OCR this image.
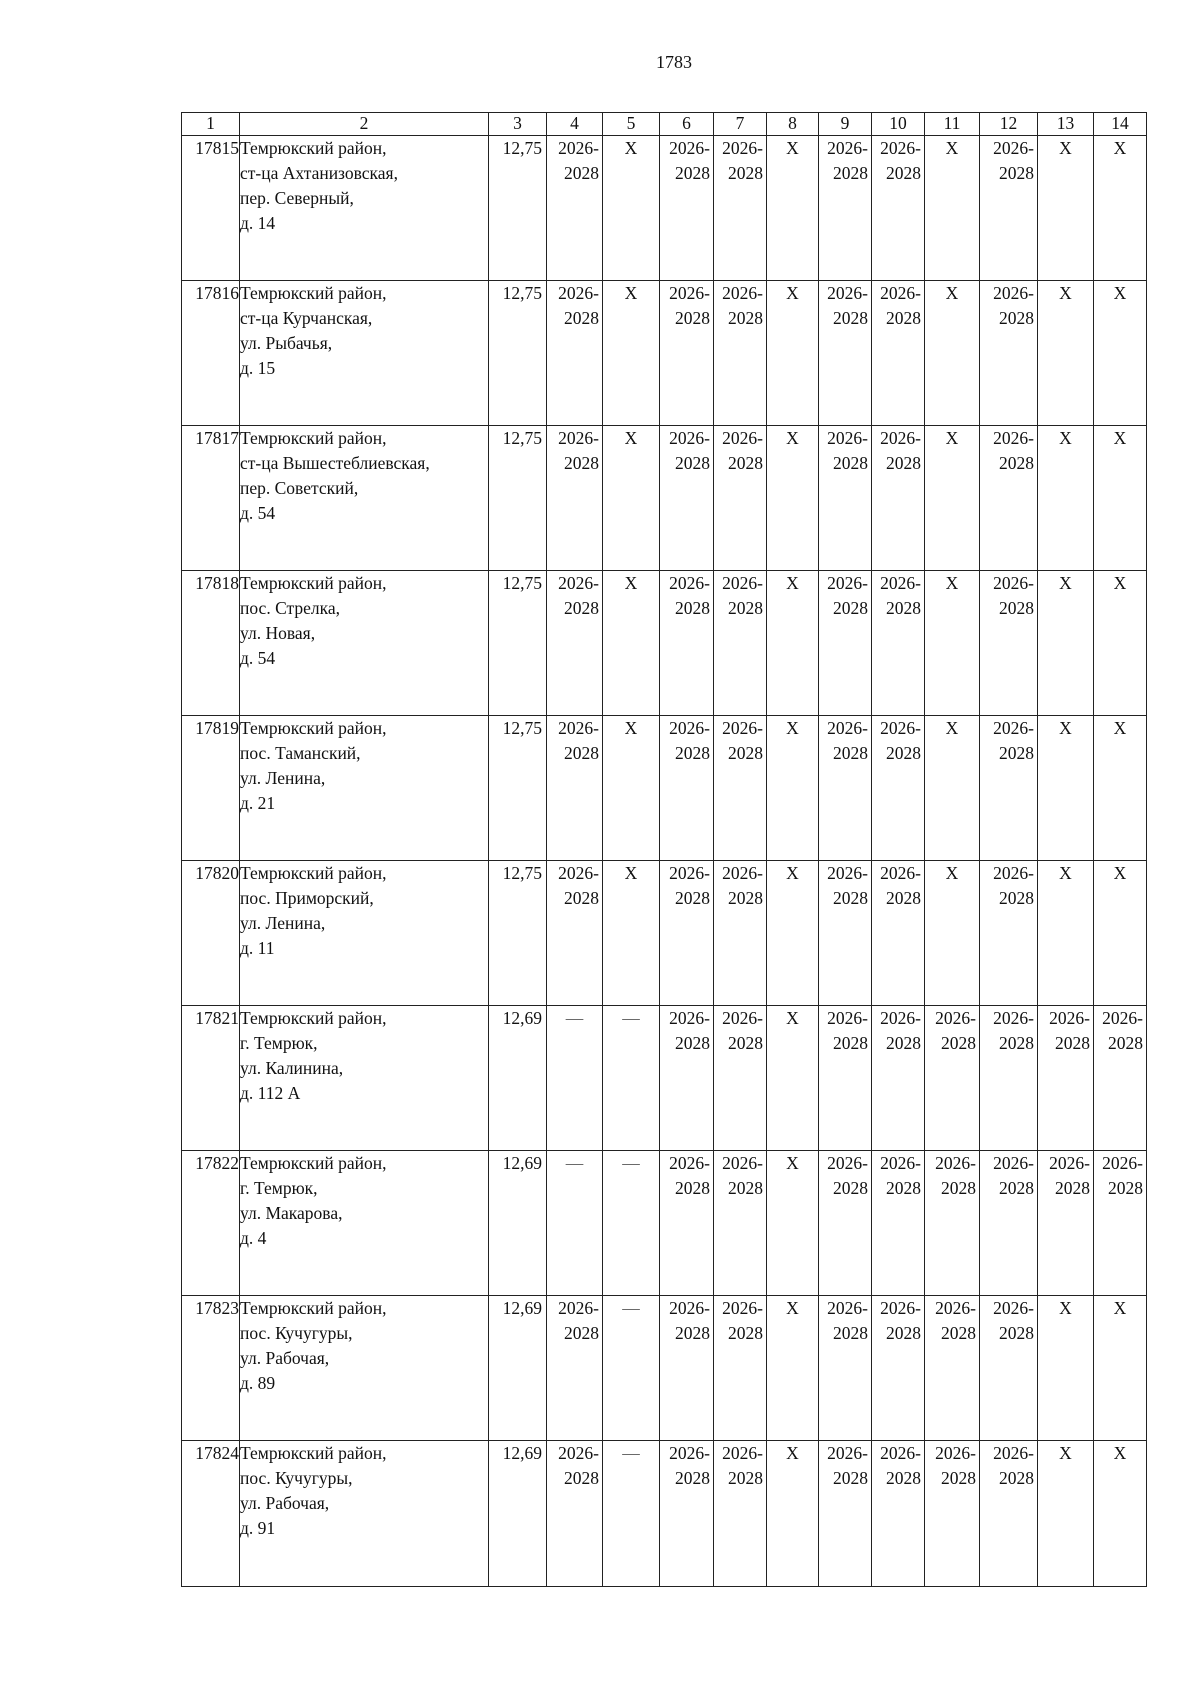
1783
1	2	3	4	5	6	7	8	9	10	11	12	13	14
17815	Темрюкский район,
ст-ца Ахтанизовская,
пер. Северный,
д. 14	12,75	2026-
2028	X	2026-
2028	2026-
2028	X	2026-
2028	2026-
2028	X	2026-
2028	X	X
17816	Темрюкский район,
ст-ца Курчанская,
ул. Рыбачья,
д. 15	12,75	2026-
2028	X	2026-
2028	2026-
2028	X	2026-
2028	2026-
2028	X	2026-
2028	X	X
17817	Темрюкский район,
ст-ца Вышестеблиевская,
пер. Советский,
д. 54	12,75	2026-
2028	X	2026-
2028	2026-
2028	X	2026-
2028	2026-
2028	X	2026-
2028	X	X
17818	Темрюкский район,
пос. Стрелка,
ул. Новая,
д. 54	12,75	2026-
2028	X	2026-
2028	2026-
2028	X	2026-
2028	2026-
2028	X	2026-
2028	X	X
17819	Темрюкский район,
пос. Таманский,
ул. Ленина,
д. 21	12,75	2026-
2028	X	2026-
2028	2026-
2028	X	2026-
2028	2026-
2028	X	2026-
2028	X	X
17820	Темрюкский район,
пос. Приморский,
ул. Ленина,
д. 11	12,75	2026-
2028	X	2026-
2028	2026-
2028	X	2026-
2028	2026-
2028	X	2026-
2028	X	X
17821	Темрюкский район,
г. Темрюк,
ул. Калинина,
д. 112 А	12,69	—	—	2026-
2028	2026-
2028	X	2026-
2028	2026-
2028	2026-
2028	2026-
2028	2026-
2028	2026-
2028

17822	Темрюкский район,
г. Темрюк,
ул. Макарова,
д. 4	12,69	—	—	2026-
2028	2026-
2028	X	2026-
2028	2026-
2028	2026-
2028	2026-
2028	2026-
2028	2026-
2028

17823	Темрюкский район,
пос. Кучугуры,
ул. Рабочая,
д. 89	12,69	2026-
2028	—	2026-
2028	2026-
2028	X	2026-
2028	2026-
2028	2026-
2028	2026-
2028	X	X
17824	Темрюкский район,
пос. Кучугуры,
ул. Рабочая,
д. 91	12,69	2026-
2028	—	2026-
2028	2026-
2028	X	2026-
2028	2026-
2028	2026-
2028	2026-
2028	X	X
